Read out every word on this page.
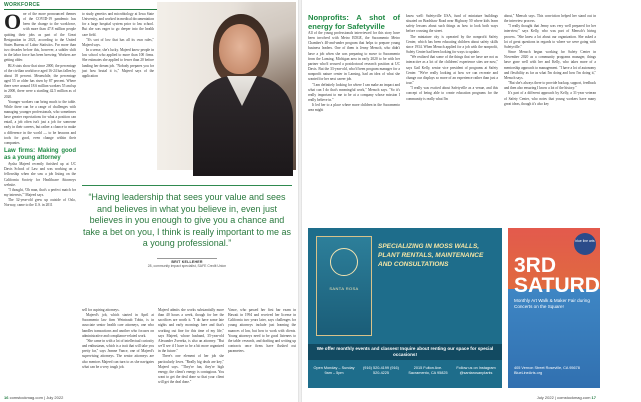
WORKFORCE

One of the more pronounced themes of the COVID-19 pandemic has been the change to the workforce, with more than 47.8 million people quitting their jobs as part of the Great Resignation in 2021, according to the United States Bureau of Labor Statistics. For more than two decades before this, however, a subtler shift in the labor force has been brewing: Workers are getting older.

BLS stats show that since 2000, the percentage of the civilian workforce aged 16-24 has fallen by about 18 percent. Meanwhile, the percentage aged 55 or older has risen by 87 percent. Where there were around 18.6 million workers 55 and up in 2000, there were a startling 42.5 million as of 2020.

Younger workers can bring much to the table. While there can be a range of challenges with managing younger professionals, who sometimes have greater expectations for what a position can entail, a job often isn't just a job for someone early in their careers, but rather a chance to make a difference in the world — to be beacons and tools for good, even change within their companies.

Law firms: Making good as a young attorney

Aysha Majeed recently finished up at UC Davis School of Law and was working on a fellowship when she saw a job listing on the California Society for Healthcare Attorneys website.

"I thought, 'Oh man, that's a perfect match for my interests,'" Majeed says.

The 32-year-old grew up outside of Oslo, Norway, came to the U.S. in 2011

to study genetics and microbiology at Iowa State University, and worked in medical documentation for a large hospital system prior to law school. But she was eager to go deeper into the health care field.

"It's sort of low that has all its own rules," Majeed says.

In a sense, she's lucky. Majeed knew people in law school who applied to more than 100 firms. She estimates she applied to fewer than 20 before landing her dream job. "Nobody prepares you for just how brutal it is," Majeed says of the application

“Having leadership that sees your value and sees and believes in what you believe in, even just believes in you enough to give you a chance and take a bet on you, I think is really important to me as a young professional.”
BRIT KELLEHER
28, community impact specialist, SAFE Credit Union

sell for aspiring attorneys.

Majeed's job, which started in April at Sacramento law firm Weintraub Tobin, is in associate senior health care attorneys, one who handles transactions and another who focuses on administrative and compliance-related work.

"She came in with a lot of intellectual curiosity and enthusiasm, which is a trait that will take you pretty far," says Jeanne Vance, one of Majeed's supervising attorneys. The senior attorneys are also mentors Majeed can turn to as she navigates what can be a very tough job.

Majeed admits she works substantially more than 40 hours a week, though for her the sacrifices are worth it. "I do have some late nights and early mornings here and that's working out fine for this time of my life," says Majeed, whose husband, 35-year-old Alexander Zvereka, is also an attorney. "But we'll see if I have to be a bit more organized in the future."

There's one element of her job she particularly loves. "Really big deals are key," Majeed says. "They're fun, they're high energy, the client's energy is contagious. You want to get the deal done so that your client will get the deal done."

Vance, who passed her first bar exam in Hawaii in 1994 and received her license in California two years later, says challenges for young attorneys include just learning the nuances of law, but how to work with clients. Young attorneys need to be good listeners to the table: research, and drafting and writing up contracts once firms have flushed out parameters.

16 comstockmag.com | July 2022
Nonprofits: A shot of energy for Safetyville

All of the young professionals interviewed for this story have been involved with Metro EDGE, the Sacramento Metro Chamber's 40-and-under program that helps to prepare young business leaders. One of them is Jenny Mensch, who didn't have a job when she was preparing to move to Sacramento from the Lansing, Michigan area in early 2020 to be with her partner who'd secured a postdoctoral research position at UC Davis. But the 33-year-old, who'd been program manager for a nonprofit nature center in Lansing, had an idea of what she wanted for her next career job.

"I am definitely looking for where I can make an impact and what can I do that's meaningful work," Mensch says. "So it's really important to me to be at a company whose mission I really believe in."

It led her to a place where more children in the Sacramento area might

know well: Safetyville USA, fund of miniature buildings situated on Bradshaw Road near Highway 50 where kids learn safety lessons about such things as how to look both ways before crossing the street.

The miniature city is operated by the nonprofit Safety Center, which has been educating children about safety skills since 1934. When Mensch applied for a job with the nonprofit, Safety Center had been looking for ways to update.

"We realized that some of the things that we have are not as interactive as a lot of the childrens' experience sites are now," says Gail Kelly, senior vice president of programs at Safety Center. "We're really looking at how we can recreate and change our displays so more of an experience rather than just a tour."

"I really was excited about Safetyville as a venue, and this concept of being able to create education programs for the community is really what I'm

about," Mensch says. This conviction helped her stand out in the interview process.

"I really thought that Jenny was very well prepared for her interview," says Kelly, who was part of Mensch's hiring process. "She knew a lot about our organization. She asked a lot of great questions in regards to where we were going with Safetyville."

Since Mensch began working for Safety Center in November 2020 as a community programs manager, things have gone well with her and Kelly, who takes more of a mentorship approach to management. "I have a lot of autonomy and flexibility as far as what I'm doing and how I'm doing it," Mensch says.

"But she's always there to provide backup, support, feedback and then also ensuring I know a lot of the history."

It's part of a different approach by Kelly, a 31-year veteran of Safety Center, who notes that young workers have many great ideas, though it's also key

SANTA ROSA
SPECIALIZING IN MOSS WALLS, PLANT RENTALS, MAINTENANCE AND CONSULTATIONS
We offer monthly events and classes! Inquire about renting our space for special occasions!
Open Monday – Sunday 9am – 5pm
(916) 520-4199 (916) 520-4225
2015 Fulton Ave. Sacramento, CA 95825
Follow us on Instagram @santarosanplants
blue line arts
3RD SATURDAYS
Monthly Art Walk & Maker Fair during Concerts on the Square!
405 Vernon Street Roseville, CA 95678 BlueLineArts.org
July 2022 | comstockmag.com 17
